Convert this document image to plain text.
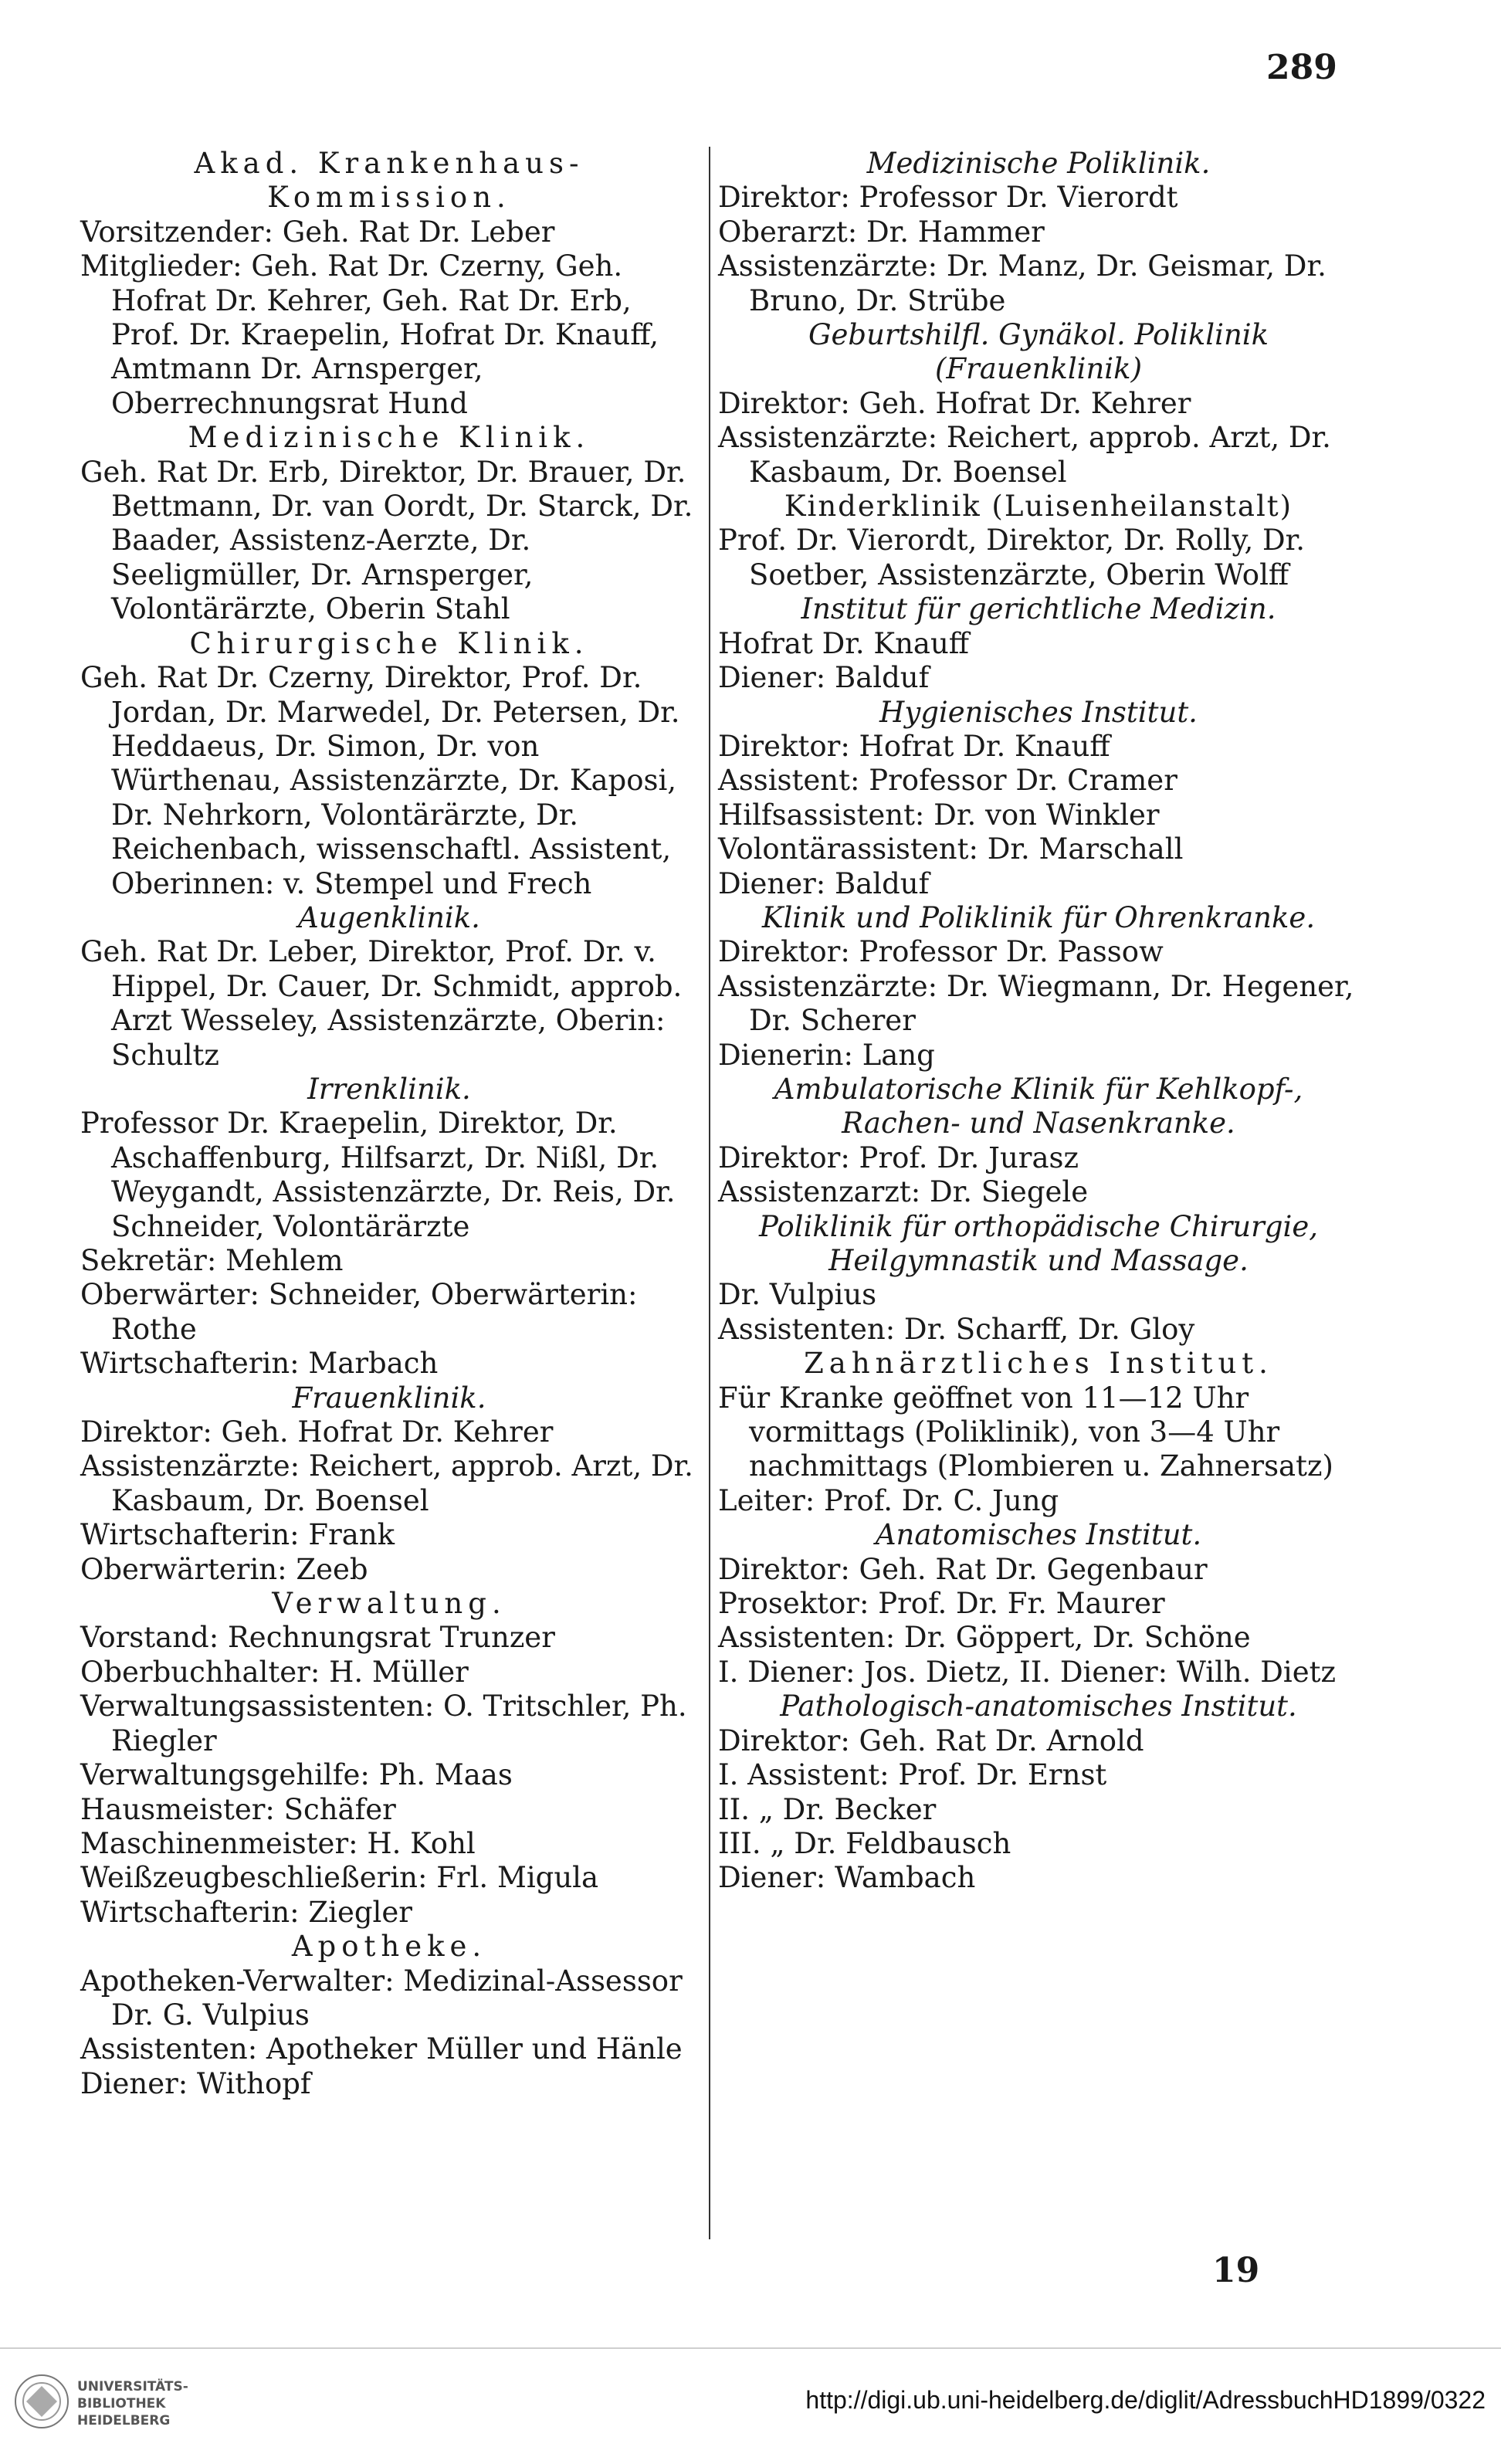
289
Akad. Krankenhaus-Kommission.
Vorsitzender: Geh. Rat Dr. Leber
Mitglieder: Geh. Rat Dr. Czerny, Geh. Hofrat Dr. Kehrer, Geh. Rat Dr. Erb, Prof. Dr. Kraepelin, Hofrat Dr. Knauff, Amtmann Dr. Arnsperger, Oberrechnungsrat Hund
Medizinische Klinik.
Geh. Rat Dr. Erb, Direktor, Dr. Brauer, Dr. Bettmann, Dr. van Oordt, Dr. Starck, Dr. Baader, Assistenz-Aerzte, Dr. Seeligmüller, Dr. Arnsperger, Volontärärzte, Oberin Stahl
Chirurgische Klinik.
Geh. Rat Dr. Czerny, Direktor, Prof. Dr. Jordan, Dr. Marwedel, Dr. Petersen, Dr. Heddaeus, Dr. Simon, Dr. von Würthenau, Assistenzärzte, Dr. Kaposi, Dr. Nehrkorn, Volontärärzte, Dr. Reichenbach, wissenschaftl. Assistent, Oberinnen: v. Stempel und Frech
Augenklinik.
Geh. Rat Dr. Leber, Direktor, Prof. Dr. v. Hippel, Dr. Cauer, Dr. Schmidt, approb. Arzt Wesseley, Assistenzärzte, Oberin: Schultz
Irrenklinik.
Professor Dr. Kraepelin, Direktor, Dr. Aschaffenburg, Hilfsarzt, Dr. Nißl, Dr. Weygandt, Assistenzärzte, Dr. Reis, Dr. Schneider, Volontärärzte
Sekretär: Mehlem
Oberwärter: Schneider, Oberwärterin: Rothe
Wirtschafterin: Marbach
Frauenklinik.
Direktor: Geh. Hofrat Dr. Kehrer
Assistenzärzte: Reichert, approb. Arzt, Dr. Kasbaum, Dr. Boensel
Wirtschafterin: Frank
Oberwärterin: Zeeb
Verwaltung.
Vorstand: Rechnungsrat Trunzer
Oberbuchhalter: H. Müller
Verwaltungsassistenten: O. Tritschler, Ph. Riegler
Verwaltungsgehilfe: Ph. Maas
Hausmeister: Schäfer
Maschinenmeister: H. Kohl
Weißzeugbeschließerin: Frl. Migula
Wirtschafterin: Ziegler
Apotheke.
Apotheken-Verwalter: Medizinal-Assessor Dr. G. Vulpius
Assistenten: Apotheker Müller und Hänle
Diener: Withopf
Medizinische Poliklinik.
Direktor: Professor Dr. Vierordt
Oberarzt: Dr. Hammer
Assistenzärzte: Dr. Manz, Dr. Geismar, Dr. Bruno, Dr. Strübe
Geburtshilfl. Gynäkol. Poliklinik (Frauenklinik)
Direktor: Geh. Hofrat Dr. Kehrer
Assistenzärzte: Reichert, approb. Arzt, Dr. Kasbaum, Dr. Boensel
Kinderklinik (Luisenheilanstalt)
Prof. Dr. Vierordt, Direktor, Dr. Rolly, Dr. Soetber, Assistenzärzte, Oberin Wolff
Institut für gerichtliche Medizin.
Hofrat Dr. Knauff
Diener: Balduf
Hygienisches Institut.
Direktor: Hofrat Dr. Knauff
Assistent: Professor Dr. Cramer
Hilfsassistent: Dr. von Winkler
Volontärassistent: Dr. Marschall
Diener: Balduf
Klinik und Poliklinik für Ohrenkranke.
Direktor: Professor Dr. Passow
Assistenzärzte: Dr. Wiegmann, Dr. Hegener, Dr. Scherer
Dienerin: Lang
Ambulatorische Klinik für Kehlkopf-, Rachen- und Nasenkranke.
Direktor: Prof. Dr. Jurasz
Assistenzarzt: Dr. Siegele
Poliklinik für orthopädische Chirurgie, Heilgymnastik und Massage.
Dr. Vulpius
Assistenten: Dr. Scharff, Dr. Gloy
Zahnärztliches Institut.
Für Kranke geöffnet von 11—12 Uhr vormittags (Poliklinik), von 3—4 Uhr nachmittags (Plombieren u. Zahnersatz)
Leiter: Prof. Dr. C. Jung
Anatomisches Institut.
Direktor: Geh. Rat Dr. Gegenbaur
Prosektor: Prof. Dr. Fr. Maurer
Assistenten: Dr. Göppert, Dr. Schöne
I. Diener: Jos. Dietz, II. Diener: Wilh. Dietz
Pathologisch-anatomisches Institut.
Direktor: Geh. Rat Dr. Arnold
I. Assistent: Prof. Dr. Ernst
II. „ Dr. Becker
III. „ Dr. Feldbausch
Diener: Wambach
19
UNIVERSITÄTS-
BIBLIOTHEK
HEIDELBERG
http://digi.ub.uni-heidelberg.de/diglit/AdressbuchHD1899/0322
